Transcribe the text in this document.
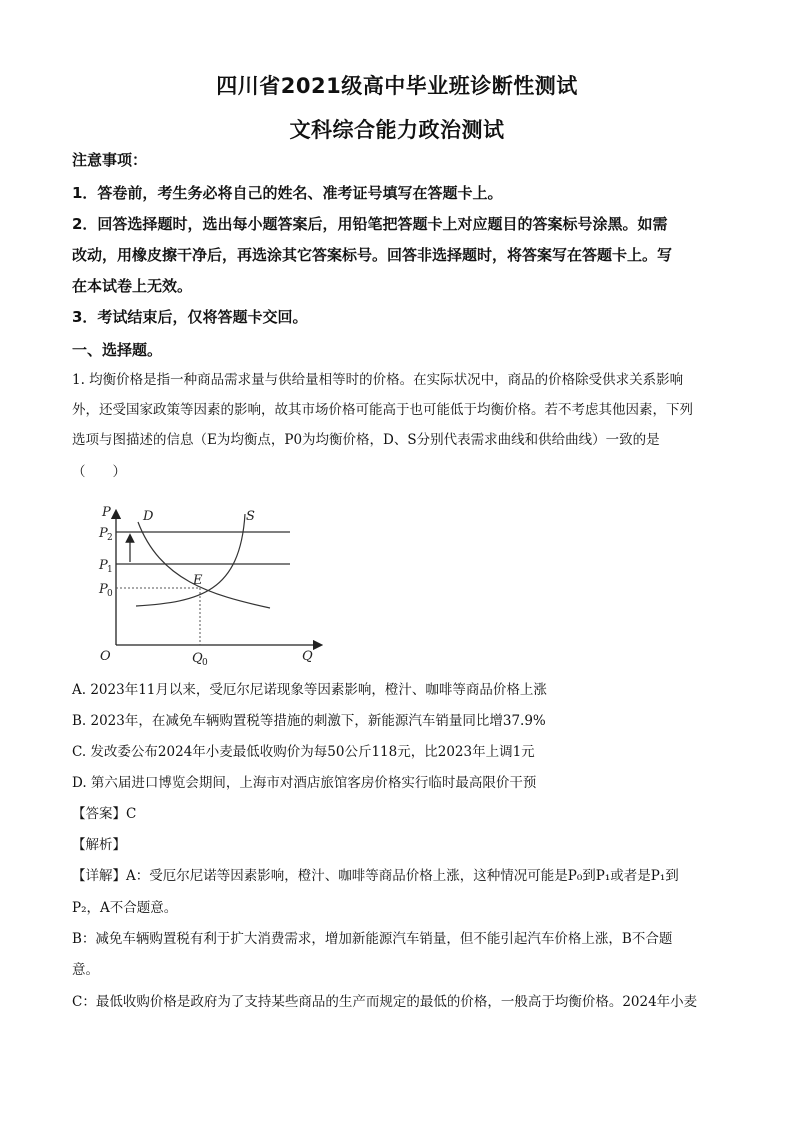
四川省2021级高中毕业班诊断性测试
文科综合能力政治测试
注意事项：
1．答卷前，考生务必将自己的姓名、准考证号填写在答题卡上。
2．回答选择题时，选出每小题答案后，用铅笔把答题卡上对应题目的答案标号涂黑。如需
改动，用橡皮擦干净后，再选涂其它答案标号。回答非选择题时，将答案写在答题卡上。写
在本试卷上无效。
3．考试结束后，仅将答题卡交回。
一、选择题。
1. 均衡价格是指一种商品需求量与供给量相等时的价格。在实际状况中，商品的价格除受供求关系影响
外，还受国家政策等因素的影响，故其市场价格可能高于也可能低于均衡价格。若不考虑其他因素，下列
选项与图描述的信息（E为均衡点，P0为均衡价格，D、S分别代表需求曲线和供给曲线）一致的是
（　　）
P
Q
O
D	S
E
P 2
P 1
P 0
Q 0
A. 2023年11月以来，受厄尔尼诺现象等因素影响，橙汁、咖啡等商品价格上涨
B. 2023年，在减免车辆购置税等措施的刺激下，新能源汽车销量同比增37.9%
C. 发改委公布2024年小麦最低收购价为每50公斤118元，比2023年上调1元
D. 第六届进口博览会期间，上海市对酒店旅馆客房价格实行临时最高限价干预
【答案】C
【解析】
【详解】A：受厄尔尼诺等因素影响，橙汁、咖啡等商品价格上涨，这种情况可能是P₀到P₁或者是P₁到
P₂，A不合题意。
B：减免车辆购置税有利于扩大消费需求，增加新能源汽车销量，但不能引起汽车价格上涨，B不合题
意。
C：最低收购价格是政府为了支持某些商品的生产而规定的最低的价格，一般高于均衡价格。2024年小麦
